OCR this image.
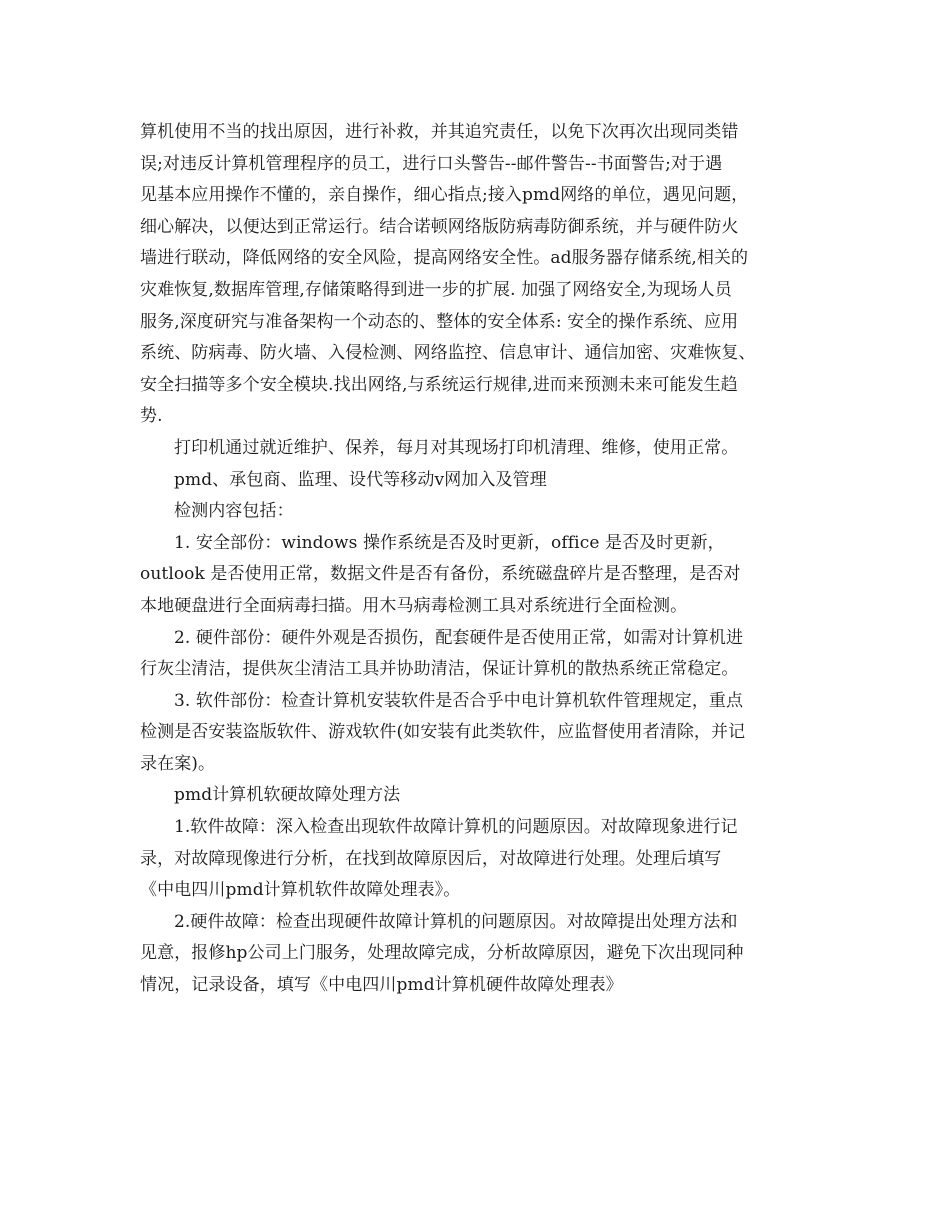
算机使用不当的找出原因，进行补救，并其追究责任，以免下次再次出现同类错
误;对违反计算机管理程序的员工，进行口头警告--邮件警告--书面警告;对于遇
见基本应用操作不懂的，亲自操作，细心指点;接入pmd网络的单位，遇见问题，
细心解决，以便达到正常运行。结合诺顿网络版防病毒防御系统，并与硬件防火
墙进行联动，降低网络的安全风险，提高网络安全性。ad服务器存储系统,相关的
灾难恢复,数据库管理,存储策略得到进一步的扩展. 加强了网络安全,为现场人员
服务,深度研究与准备架构一个动态的、整体的安全体系: 安全的操作系统、应用
系统、防病毒、防火墙、入侵检测、网络监控、信息审计、通信加密、灾难恢复、
安全扫描等多个安全模块.找出网络,与系统运行规律,进而来预测未来可能发生趋
势.
打印机通过就近维护、保养，每月对其现场打印机清理、维修，使用正常。
pmd、承包商、监理、设代等移动v网加入及管理
检测内容包括：
1. 安全部份：windows 操作系统是否及时更新，office 是否及时更新，
outlook 是否使用正常，数据文件是否有备份，系统磁盘碎片是否整理，是否对
本地硬盘进行全面病毒扫描。用木马病毒检测工具对系统进行全面检测。
2. 硬件部份：硬件外观是否损伤，配套硬件是否使用正常，如需对计算机进
行灰尘清洁，提供灰尘清洁工具并协助清洁，保证计算机的散热系统正常稳定。
3. 软件部份：检查计算机安装软件是否合乎中电计算机软件管理规定，重点
检测是否安装盗版软件、游戏软件(如安装有此类软件，应监督使用者清除，并记
录在案)。
pmd计算机软硬故障处理方法
1.软件故障：深入检查出现软件故障计算机的问题原因。对故障现象进行记
录，对故障现像进行分析，在找到故障原因后，对故障进行处理。处理后填写
《中电四川pmd计算机软件故障处理表》。
2.硬件故障：检查出现硬件故障计算机的问题原因。对故障提出处理方法和
见意，报修hp公司上门服务，处理故障完成，分析故障原因，避免下次出现同种
情况，记录设备，填写《中电四川pmd计算机硬件故障处理表》
